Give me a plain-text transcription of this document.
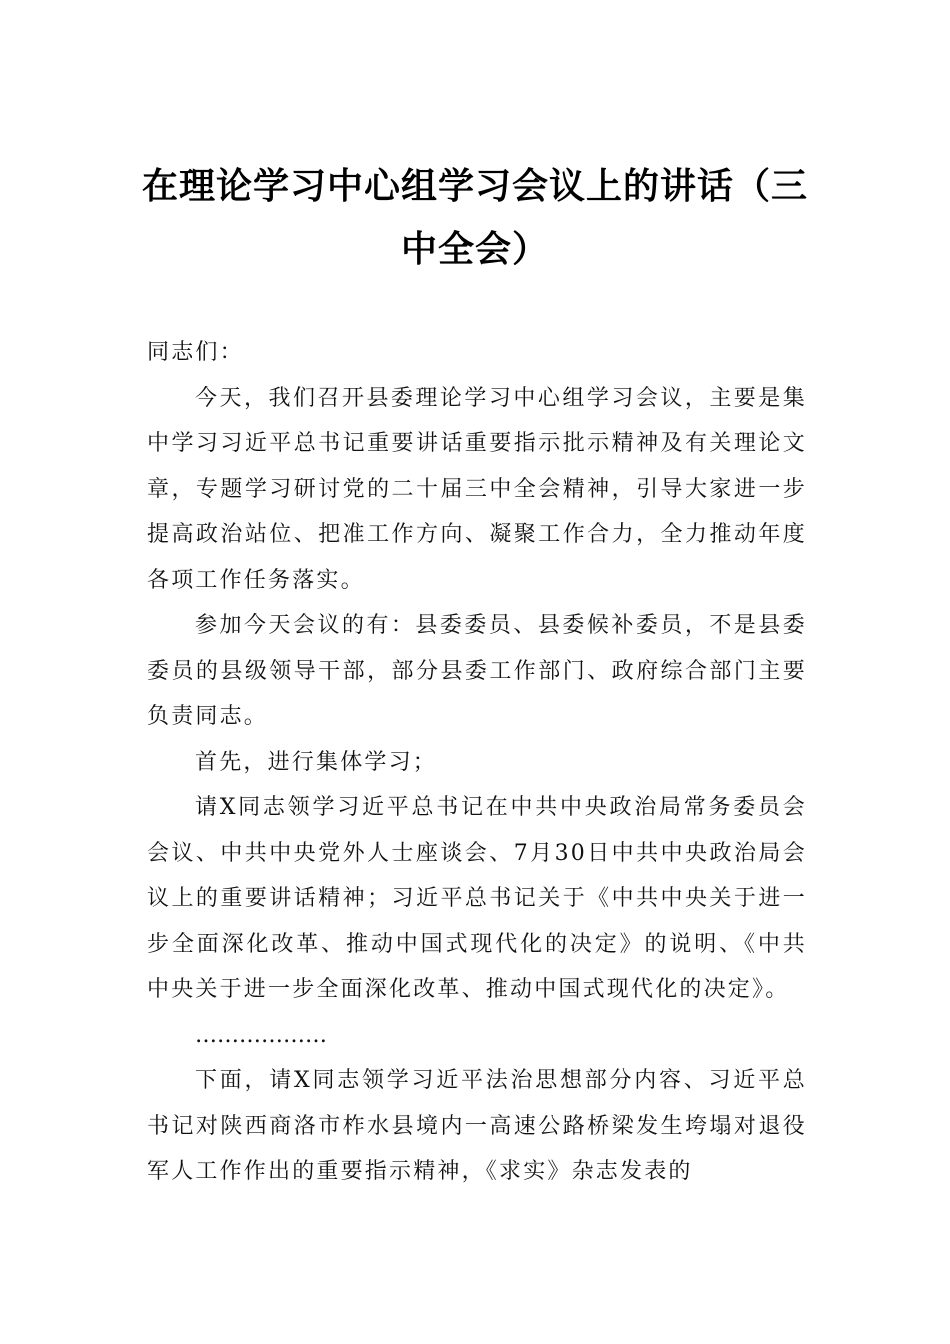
在理论学习中心组学习会议上的讲话（三
中全会）

同志们：

今天，我们召开县委理论学习中心组学习会议，主要是集中学习习近平总书记重要讲话重要指示批示精神及有关理论文章，专题学习研讨党的二十届三中全会精神，引导大家进一步提高政治站位、把准工作方向、凝聚工作合力，全力推动年度各项工作任务落实。

参加今天会议的有：县委委员、县委候补委员，不是县委委员的县级领导干部，部分县委工作部门、政府综合部门主要负责同志。

首先，进行集体学习；

请X同志领学习近平总书记在中共中央政治局常务委员会会议、中共中央党外人士座谈会、7月30日中共中央政治局会议上的重要讲话精神；习近平总书记关于《中共中央关于进一步全面深化改革、推动中国式现代化的决定》的说明、《中共中央关于进一步全面深化改革、推动中国式现代化的决定》。

………………

下面，请X同志领学习近平法治思想部分内容、习近平总书记对陕西商洛市柞水县境内一高速公路桥梁发生垮塌对退役军人工作作出的重要指示精神，《求实》杂志发表的
